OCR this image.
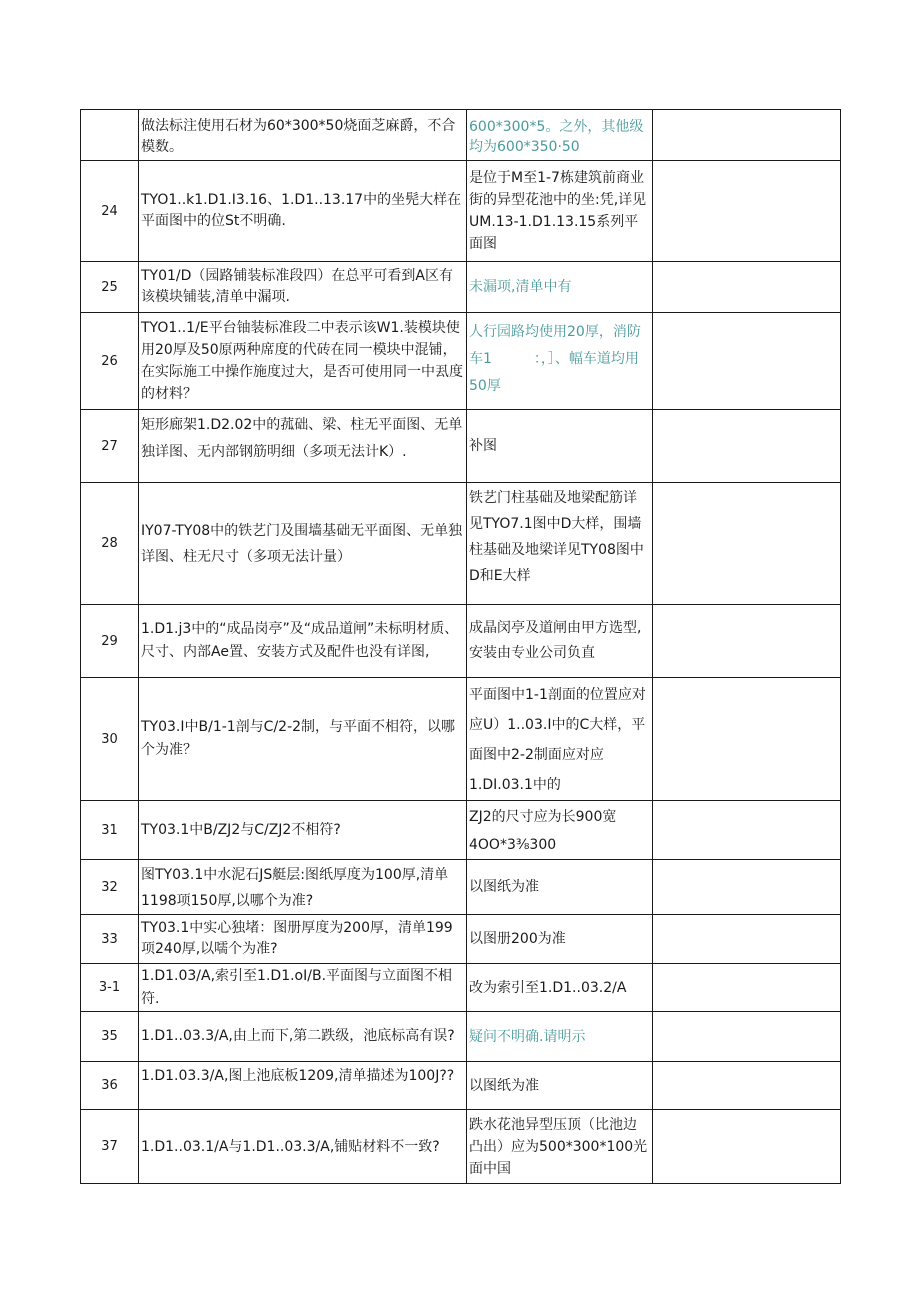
	做法标注使用石材为60*300*50烧面芝麻爵，不合模数。	600*300*5。之外，其他级均为600*350·50	
24	TYO1..k1.D1.I3.16、1.D1..13.17中的坐髡大样在平面图中的位St不明确.	是位于M至1-7栋建筑前商业街的异型花池中的坐:凭,详见UM.13-1.D1.13.15系列平面图	
25	TY01/D（园路铺装标准段四）在总平可看到A区有该模块铺装,清单中漏项.	未漏项,清单中有	
26	TYO1..1/E平台铀装标准段二中表示该W1.装模块使用20厚及50原两种席度的代砖在同一模块中混铺，在实际施工中操作施度过大，是否可使用同一中厾度的材料？	人行园路均使用20厚，消防车1　　　：，］、幅车道均用50厚	
27	矩形廊架1.D2.02中的菰础、梁、柱无平面图、无单独详图、无内部钢筋明细（多项无法计K）.	补图	
28	IY07-TY08中的铁艺门及围墙基础无平面图、无单独详图、柱无尺寸（多项无法计量）	铁艺门柱基础及地梁配筋详见TYO7.1图中D大样，围墙柱基础及地梁详见TY08图中D和E大样	
29	1.D1.j3中的“成品岗亭”及“成品道闸”未标明材质、尺寸、内部Ae置、安装方式及配件也没有详图,	成晶闵亭及道闸由甲方选型,安装由专业公司负直	
30	TY03.I中B/1-1剖与C/2-2制，与平面不相符，以哪个为准？	平面图中1-1剖面的位置应对应U）1..03.I中的C大样，平面图中2-2制面应对应1.DI.03.1中的	
31	TY03.1中B/ZJ2与C/ZJ2不相符?	ZJ2的尺寸应为长900宽4OO*3⅜300	
32	图TY03.1中水泥石JS艇层:图纸厚度为100厚,清单1198项150厚,以哪个为准?	以图纸为准	
33	TY03.1中实心独堵：图册厚度为200厚，清单199项240厚,以嚅个为准?	以图册200为准	
3-1	1.D1.03/A,索引至1.D1.oI/B.平面图与立面图不相符.	改为索引至1.D1..03.2/A	
35	1.D1..03.3/A,由上而下,第二跌级，池底标高有误?	疑问不明确.请明示	
36	1.D1.03.3/A,图上池底板1209,清单描述为100J??	以图纸为准	
37	1.D1..03.1/A与1.D1..03.3/A,铺贴材料不一致?	跌水花池异型压顶（比池边凸出）应为500*300*100光面中国	
